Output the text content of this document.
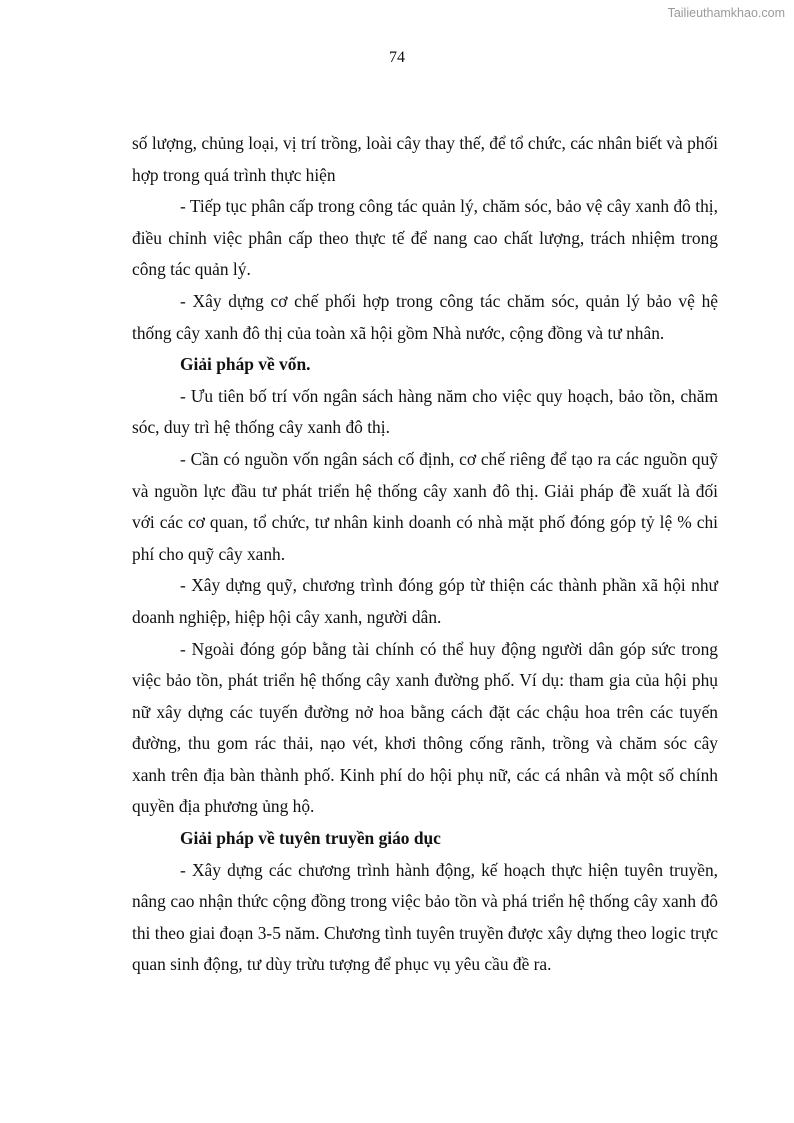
Tailieuthamkhao.com
74

số lượng, chủng loại, vị trí trồng, loài cây thay thế, để tổ chức, các nhân biết và phối hợp trong quá trình thực hiện

- Tiếp tục phân cấp trong công tác quản lý, chăm sóc, bảo vệ cây xanh đô thị, điều chỉnh việc phân cấp theo thực tế để nang cao chất lượng, trách nhiệm trong công tác quản lý.

- Xây dựng cơ chế phối hợp trong công tác chăm sóc, quản lý bảo vệ hệ thống cây xanh đô thị của toàn xã hội gồm Nhà nước, cộng đồng và tư nhân.

Giải pháp về vốn.

- Ưu tiên bố trí vốn ngân sách hàng năm cho việc quy hoạch, bảo tồn, chăm sóc, duy trì hệ thống cây xanh đô thị.

- Cần có nguồn vốn ngân sách cố định, cơ chế riêng để tạo ra các nguồn quỹ và nguồn lực đầu tư phát triển hệ thống cây xanh đô thị. Giải pháp đề xuất là đối với các cơ quan, tổ chức, tư nhân kinh doanh có nhà mặt phố đóng góp tỷ lệ % chi phí cho quỹ cây xanh.

- Xây dựng quỹ, chương trình đóng góp từ thiện các thành phần xã hội như doanh nghiệp, hiệp hội cây xanh, người dân.

- Ngoài đóng góp bằng tài chính có thể huy động người dân góp sức trong việc bảo tồn, phát triển hệ thống cây xanh đường phố. Ví dụ: tham gia của hội phụ nữ xây dựng các tuyến đường nở hoa bằng cách đặt các chậu hoa trên các tuyến đường, thu gom rác thải, nạo vét, khơi thông cống rãnh, trồng và chăm sóc cây xanh trên địa bàn thành phố. Kinh phí do hội phụ nữ, các cá nhân và một số chính quyền địa phương ủng hộ.

Giải pháp về tuyên truyền giáo dục

- Xây dựng các chương trình hành động, kế hoạch thực hiện tuyên truyền, nâng cao nhận thức cộng đồng trong việc bảo tồn và phá triển hệ thống cây xanh đô thi theo giai đoạn 3-5 năm. Chương tình tuyên truyền được xây dựng theo logic trực quan sinh động, tư dùy trừu tượng để phục vụ yêu cầu đề ra.
